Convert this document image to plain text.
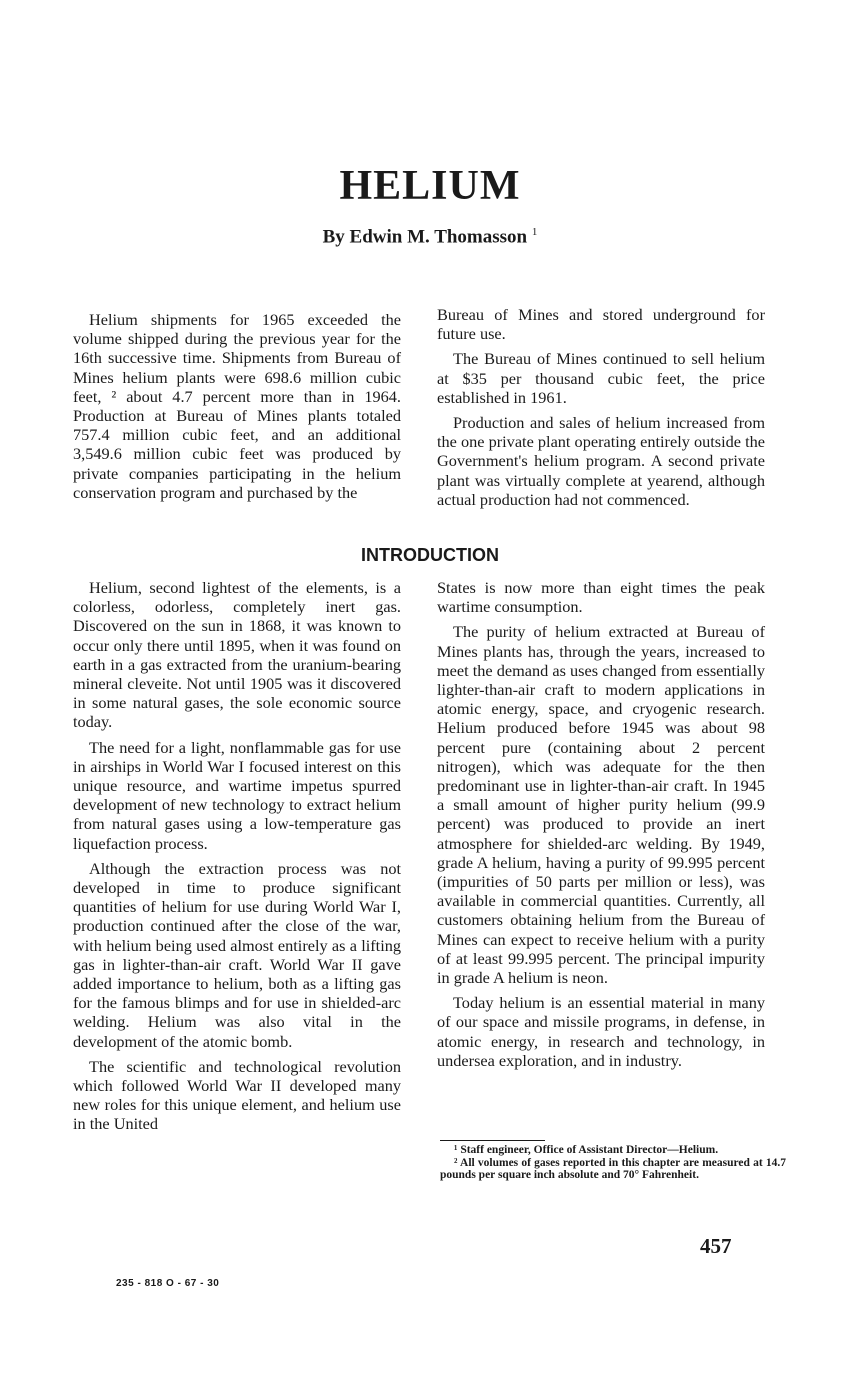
HELIUM
By Edwin M. Thomasson $^1$

Helium shipments for 1965 exceeded the volume shipped during the previous year for the 16th successive time. Shipments from Bureau of Mines helium plants were 698.6 million cubic feet, ² about 4.7 percent more than in 1964. Production at Bureau of Mines plants totaled 757.4 million cubic feet, and an additional 3,549.6 million cubic feet was produced by private companies participating in the helium conservation program and purchased by the

Bureau of Mines and stored underground for future use.

The Bureau of Mines continued to sell helium at $35 per thousand cubic feet, the price established in 1961.

Production and sales of helium increased from the one private plant operating entirely outside the Government's helium program. A second private plant was virtually complete at yearend, although actual production had not commenced.

INTRODUCTION

Helium, second lightest of the elements, is a colorless, odorless, completely inert gas. Discovered on the sun in 1868, it was known to occur only there until 1895, when it was found on earth in a gas extracted from the uranium-bearing mineral cleveite. Not until 1905 was it discovered in some natural gases, the sole economic source today.

The need for a light, nonflammable gas for use in airships in World War I focused interest on this unique resource, and wartime impetus spurred development of new technology to extract helium from natural gases using a low-temperature gas liquefaction process.

Although the extraction process was not developed in time to produce significant quantities of helium for use during World War I, production continued after the close of the war, with helium being used almost entirely as a lifting gas in lighter-than-air craft. World War II gave added importance to helium, both as a lifting gas for the famous blimps and for use in shielded-arc welding. Helium was also vital in the development of the atomic bomb.

The scientific and technological revolution which followed World War II developed many new roles for this unique element, and helium use in the United

States is now more than eight times the peak wartime consumption.

The purity of helium extracted at Bureau of Mines plants has, through the years, increased to meet the demand as uses changed from essentially lighter-than-air craft to modern applications in atomic energy, space, and cryogenic research. Helium produced before 1945 was about 98 percent pure (containing about 2 percent nitrogen), which was adequate for the then predominant use in lighter-than-air craft. In 1945 a small amount of higher purity helium (99.9 percent) was produced to provide an inert atmosphere for shielded-arc welding. By 1949, grade A helium, having a purity of 99.995 percent (impurities of 50 parts per million or less), was available in commercial quantities. Currently, all customers obtaining helium from the Bureau of Mines can expect to receive helium with a purity of at least 99.995 percent. The principal impurity in grade A helium is neon.

Today helium is an essential material in many of our space and missile programs, in defense, in atomic energy, in research and technology, in undersea exploration, and in industry.

¹ Staff engineer, Office of Assistant Director—Helium.

² All volumes of gases reported in this chapter are measured at 14.7 pounds per square inch absolute and 70° Fahrenheit.

457
235 - 818 O - 67 - 30
